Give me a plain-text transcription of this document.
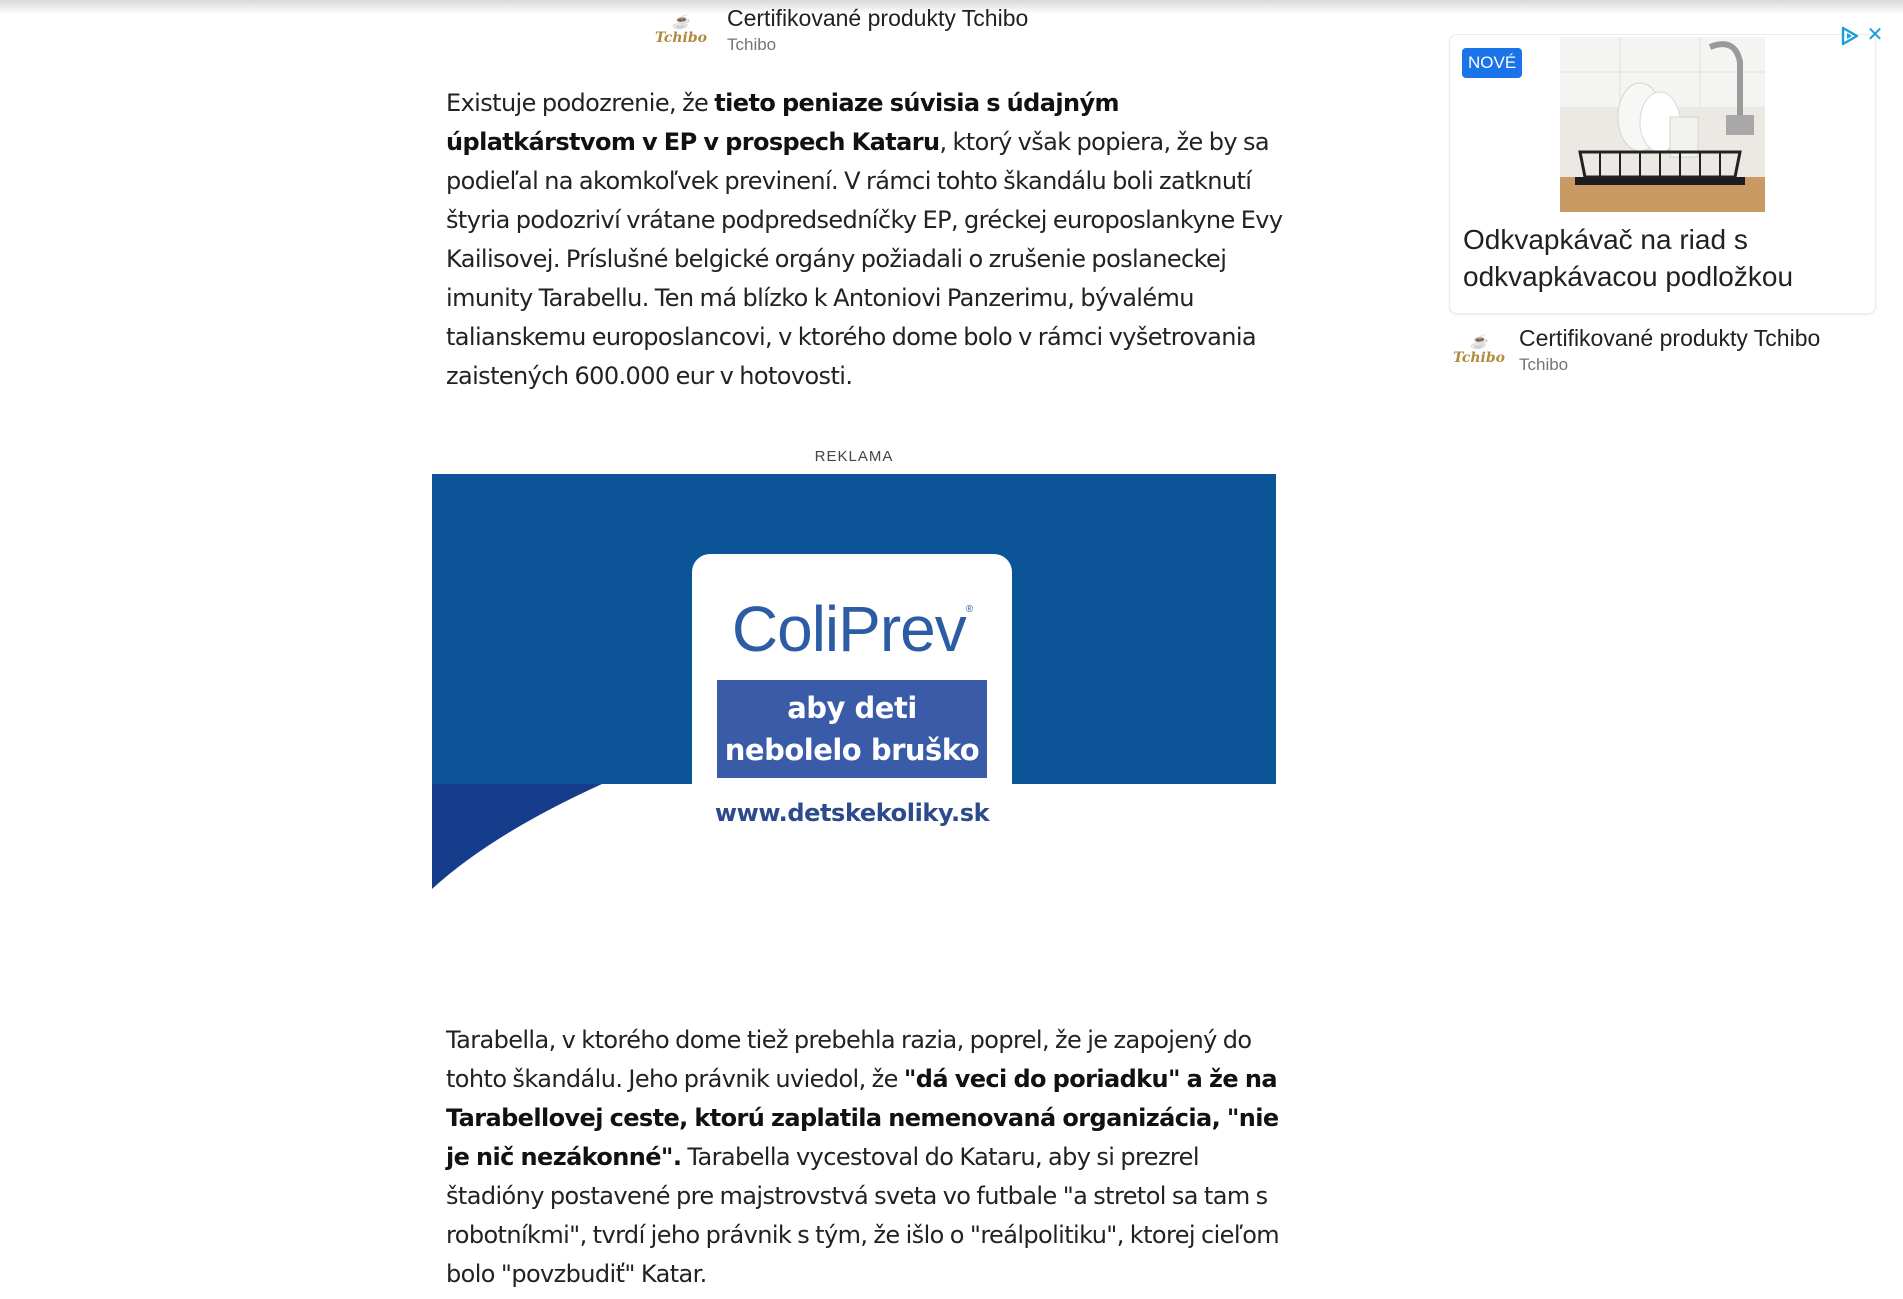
☕
Tchibo
Certifikované produkty Tchibo
Tchibo
Existuje podozrenie, že tieto peniaze súvisia s údajným úplatkárstvom v EP v prospech Kataru, ktorý však popiera, že by sa podieľal na akomkoľvek previnení. V rámci tohto škandálu boli zatknutí štyria podozriví vrátane podpredsedníčky EP, gréckej europoslankyne Evy Kailisovej. Príslušné belgické orgány požiadali o zrušenie poslaneckej imunity Tarabellu. Ten má blízko k Antoniovi Panzerimu, bývalému talianskemu europoslancovi, v ktorého dome bolo v rámci vyšetrovania zaistených 600.000 eur v hotovosti.
REKLAMA
ColiPrev®
aby deti
nebolelo bruško
www.detskekoliky.sk
Tarabella, v ktorého dome tiež prebehla razia, poprel, že je zapojený do tohto škandálu. Jeho právnik uviedol, že "dá veci do poriadku" a že na Tarabellovej ceste, ktorú zaplatila nemenovaná organizácia, "nie je nič nezákonné". Tarabella vycestoval do Kataru, aby si prezrel štadióny postavené pre majstrovstvá sveta vo futbale "a stretol sa tam s robotníkmi", tvrdí jeho právnik s tým, že išlo o "reálpolitiku", ktorej cieľom bolo "povzbudiť" Katar.
NOVÉ
Odkvapkávač na riad s odkvapkávacou podložkou
✕
☕
Tchibo
Certifikované produkty Tchibo
Tchibo
